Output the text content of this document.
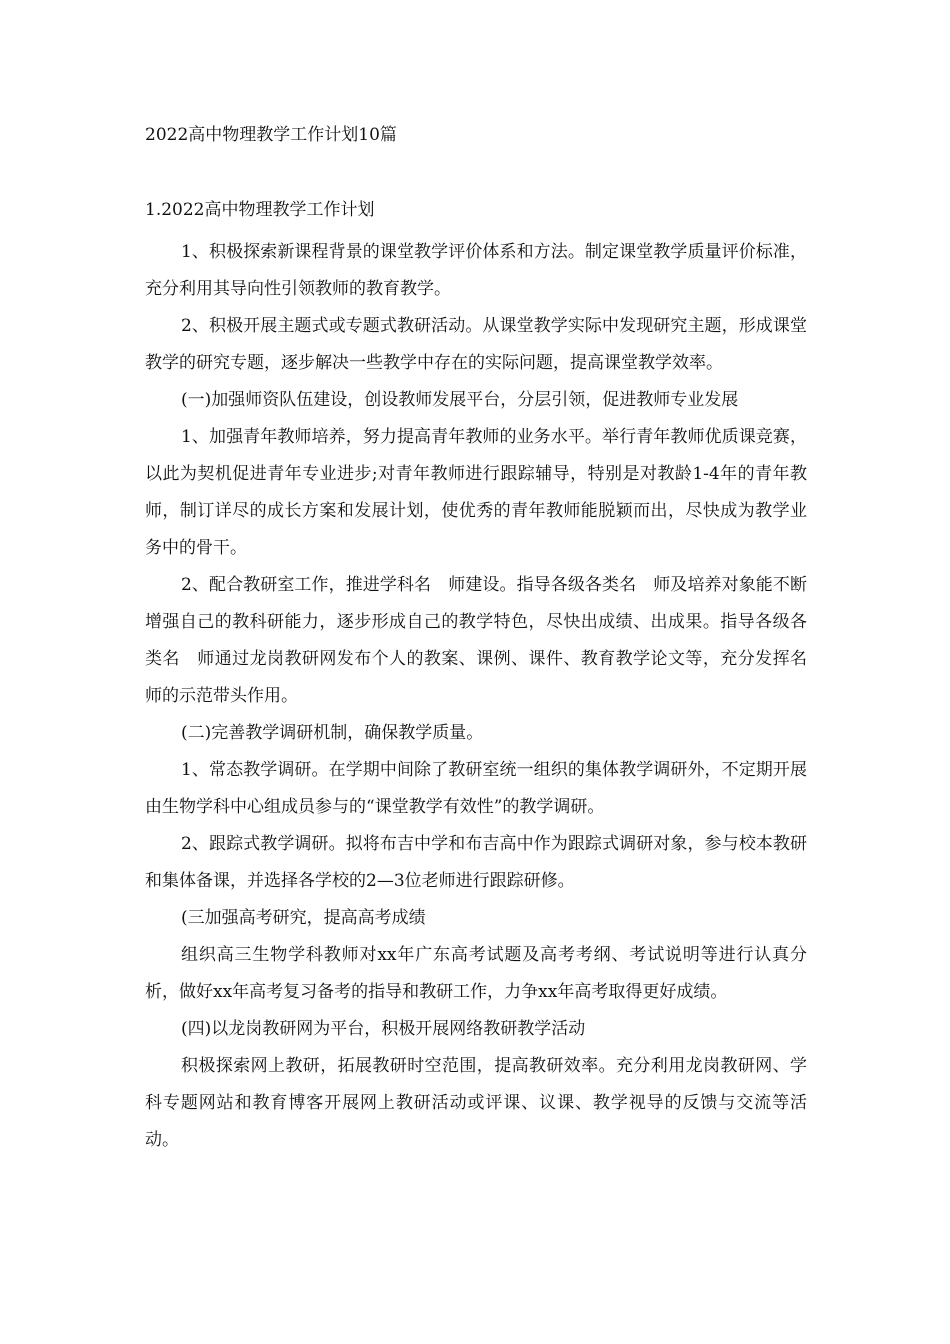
2022高中物理教学工作计划10篇
1.2022高中物理教学工作计划

1、积极探索新课程背景的课堂教学评价体系和方法。制定课堂教学质量评价标准，充分利用其导向性引领教师的教育教学。

2、积极开展主题式或专题式教研活动。从课堂教学实际中发现研究主题，形成课堂教学的研究专题，逐步解决一些教学中存在的实际问题，提高课堂教学效率。

(一)加强师资队伍建设，创设教师发展平台，分层引领，促进教师专业发展

1、加强青年教师培养，努力提高青年教师的业务水平。举行青年教师优质课竞赛，以此为契机促进青年专业进步;对青年教师进行跟踪辅导，特别是对教龄1-4年的青年教师，制订详尽的成长方案和发展计划，使优秀的青年教师能脱颖而出，尽快成为教学业务中的骨干。

2、配合教研室工作，推进学科名　师建设。指导各级各类名　师及培养对象能不断增强自己的教科研能力，逐步形成自己的教学特色，尽快出成绩、出成果。指导各级各类名　师通过龙岗教研网发布个人的教案、课例、课件、教育教学论文等，充分发挥名　师的示范带头作用。

(二)完善教学调研机制，确保教学质量。

1、常态教学调研。在学期中间除了教研室统一组织的集体教学调研外，不定期开展由生物学科中心组成员参与的“课堂教学有效性”的教学调研。

2、跟踪式教学调研。拟将布吉中学和布吉高中作为跟踪式调研对象，参与校本教研和集体备课，并选择各学校的2—3位老师进行跟踪研修。

(三加强高考研究，提高高考成绩

组织高三生物学科教师对xx年广东高考试题及高考考纲、考试说明等进行认真分析，做好xx年高考复习备考的指导和教研工作，力争xx年高考取得更好成绩。

(四)以龙岗教研网为平台，积极开展网络教研教学活动

积极探索网上教研，拓展教研时空范围，提高教研效率。充分利用龙岗教研网、学科专题网站和教育博客开展网上教研活动或评课、议课、教学视导的反馈与交流等活动。
